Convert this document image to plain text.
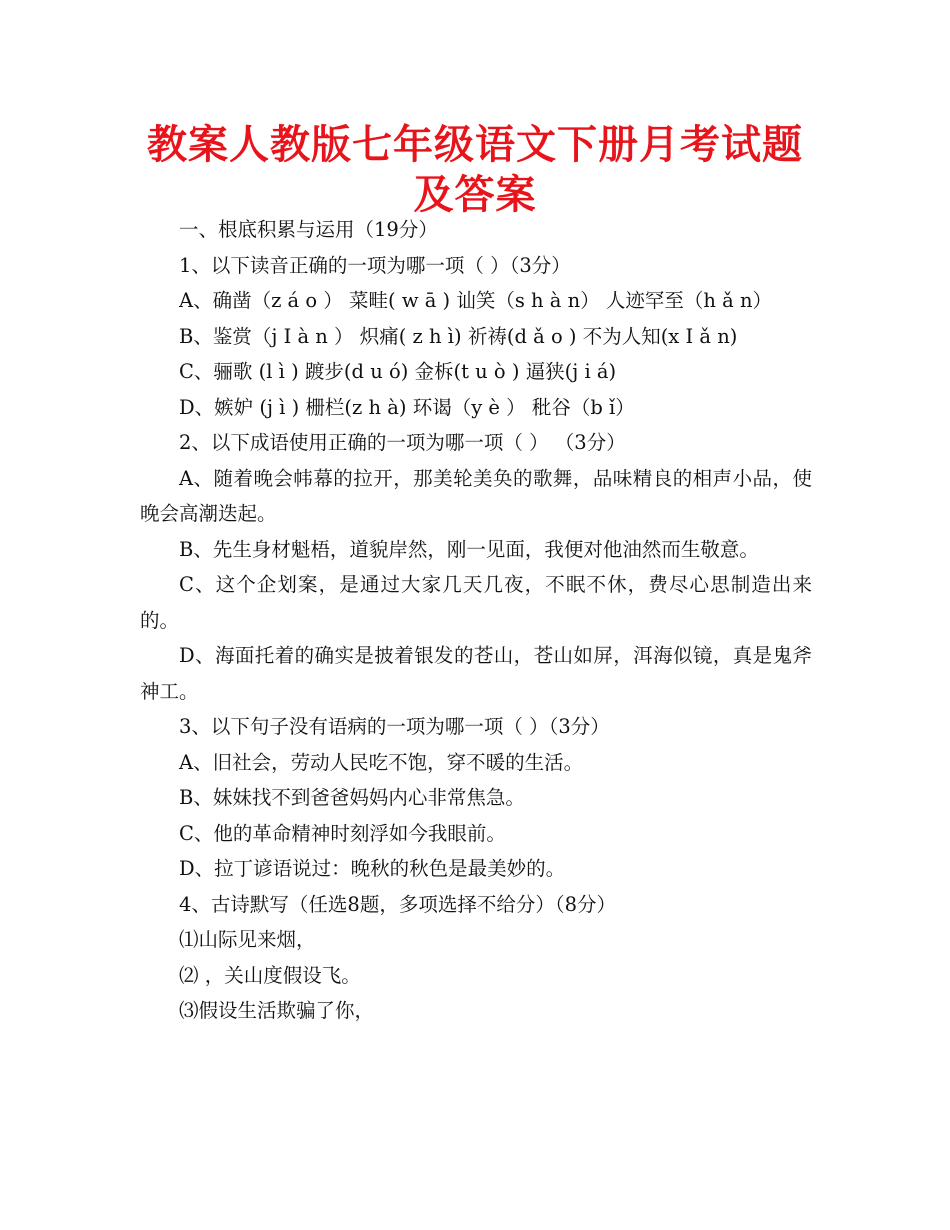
教案人教版七年级语文下册月考试题及答案

一、根底积累与运用（19分）

1、以下读音正确的一项为哪一项（ ）（3分）

A、确凿（z á o ） 菜畦( w ā ) 讪笑（s h à n） 人迹罕至（h ǎ n）

B、鉴赏（j I à n ） 炽痛( z h ì) 祈祷(d ǎ o ) 不为人知(x I ǎ n)

C、骊歌 (l ì ) 踱步(d u ó) 金柝(t u ò ) 逼狭(j i á)

D、嫉妒 (j ì ) 栅栏(z h à) 环谒（y è ） 秕谷（b ǐ）

2、以下成语使用正确的一项为哪一项（ ） （3分）

A、随着晚会帏幕的拉开，那美轮美奂的歌舞，品味精良的相声小品，使晚会高潮迭起。

B、先生身材魁梧，道貌岸然，刚一见面，我便对他油然而生敬意。

C、这个企划案，是通过大家几天几夜，不眠不休，费尽心思制造出来的。

D、海面托着的确实是披着银发的苍山，苍山如屏，洱海似镜，真是鬼斧神工。

3、以下句子没有语病的一项为哪一项（ ）（3分）

A、旧社会，劳动人民吃不饱，穿不暖的生活。

B、妹妹找不到爸爸妈妈内心非常焦急。

C、他的革命精神时刻浮如今我眼前。

D、拉丁谚语说过：晚秋的秋色是最美妙的。

4、古诗默写（任选8题，多项选择不给分）（8分）

⑴山际见来烟，

⑵ ，关山度假设飞。

⑶假设生活欺骗了你，
